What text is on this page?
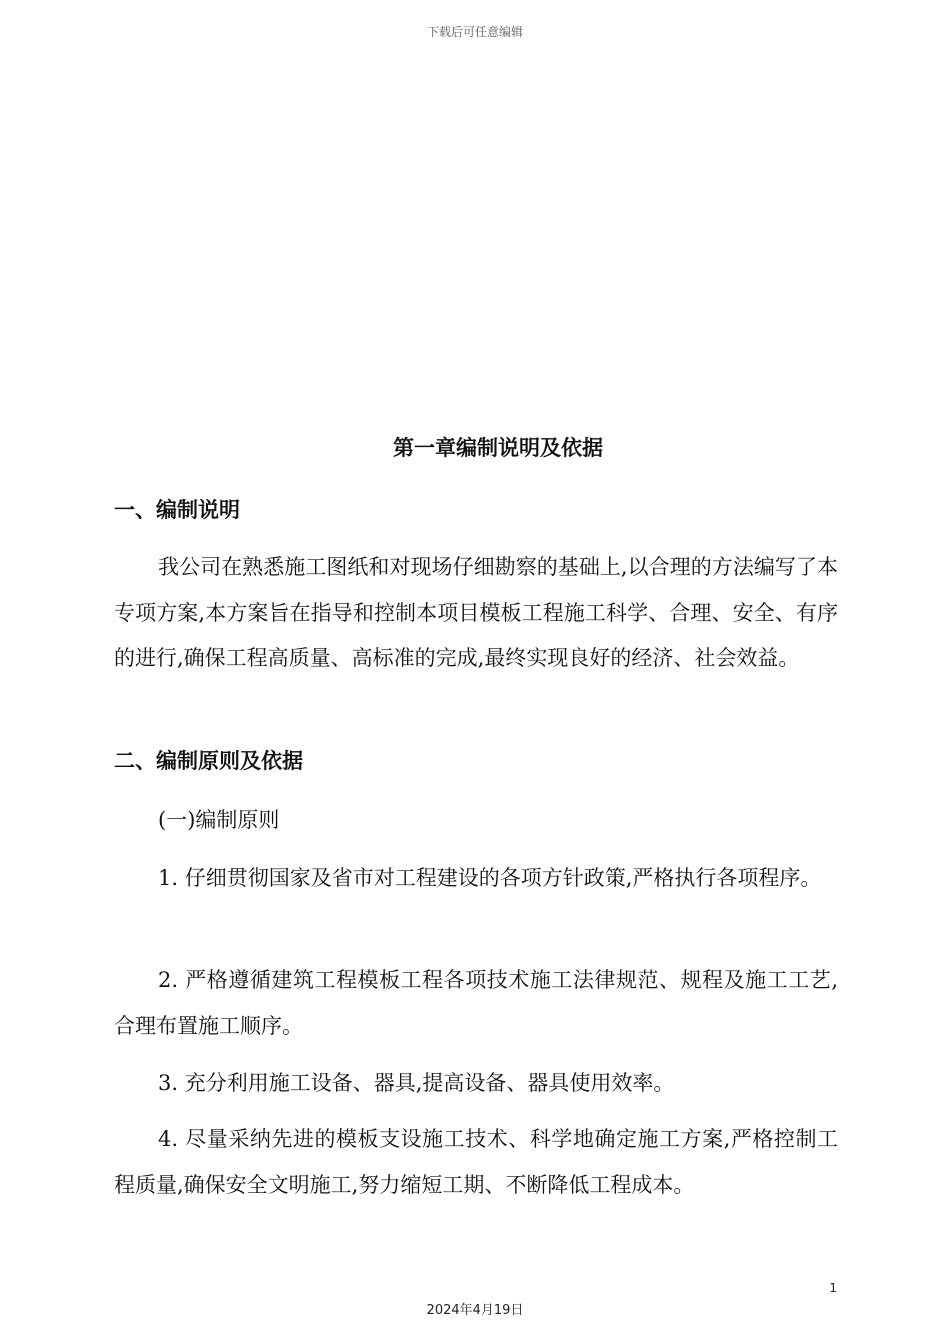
下载后可任意编辑
第一章编制说明及依据
一、编制说明

我公司在熟悉施工图纸和对现场仔细勘察的基础上,以合理的方法编写了本专项方案,本方案旨在指导和控制本项目模板工程施工科学、合理、安全、有序的进行,确保工程高质量、高标准的完成,最终实现良好的经济、社会效益。

二、编制原则及依据

(一)编制原则

1. 仔细贯彻国家及省市对工程建设的各项方针政策,严格执行各项程序。

2. 严格遵循建筑工程模板工程各项技术施工法律规范、规程及施工工艺,合理布置施工顺序。

3. 充分利用施工设备、器具,提高设备、器具使用效率。

4. 尽量采纳先进的模板支设施工技术、科学地确定施工方案,严格控制工程质量,确保安全文明施工,努力缩短工期、不断降低工程成本。

1
2024年4月19日
